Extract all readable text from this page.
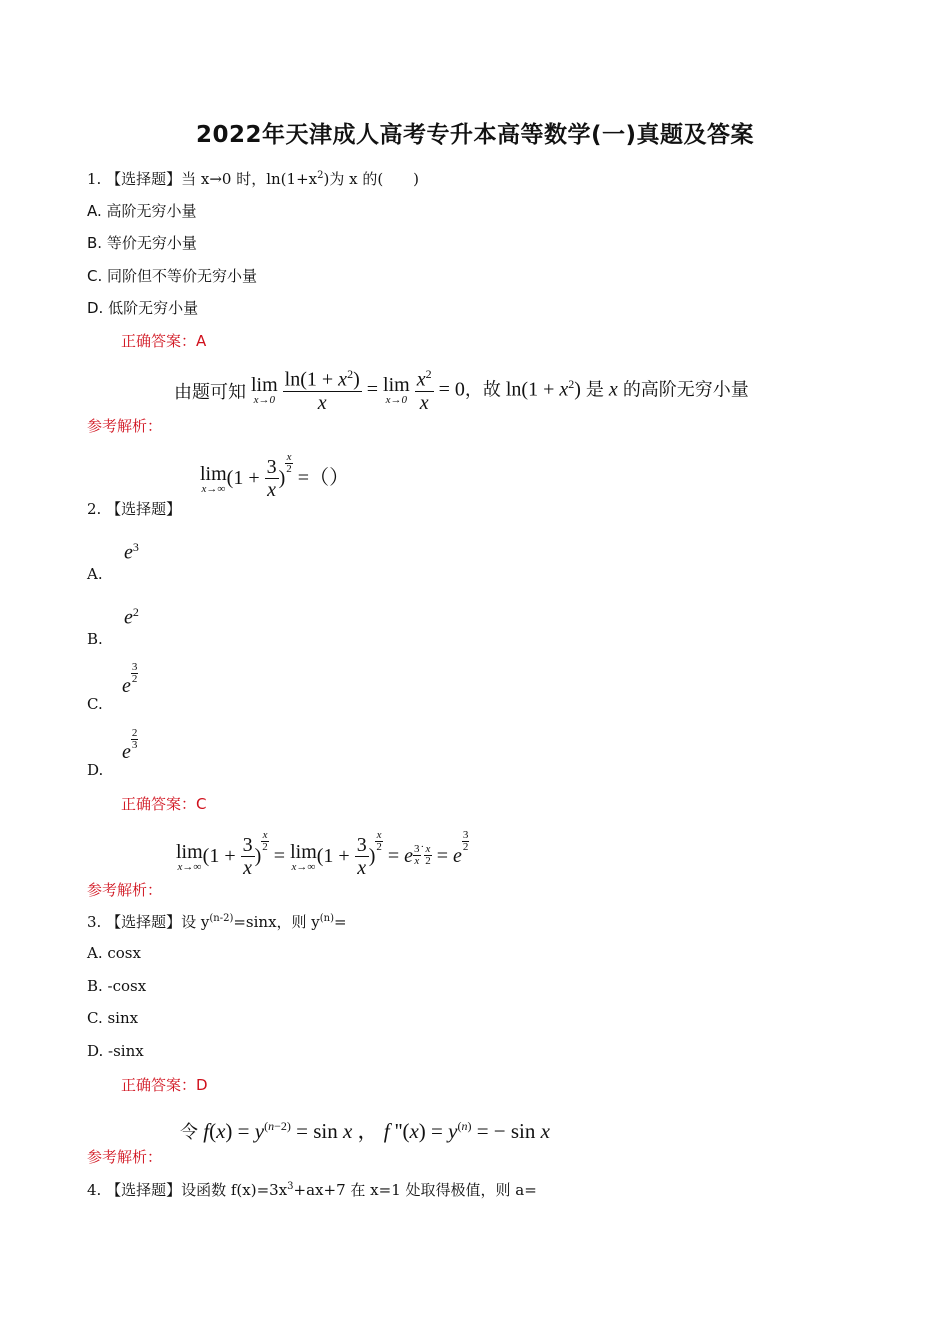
2022年天津成人高考专升本高等数学(一)真题及答案
1. 【选择题】当 x→0 时，$\ln(1+x^2)$为 x 的(　　)
A. 高阶无穷小量
B. 等价无穷小量
C. 同阶但不等价无穷小量
D. 低阶无穷小量
正确答案：A
由题可知 lim
x→0
$\frac{\ln(1 + x^2)}{x} = \lim$
x→0
$\frac{x^2}{x} = 0$，故 $\ln(1 + x^2)$ 是 x 的高阶无穷小量
参考解析：
lim
x→∞ ($1 + \frac{3}{x}$ )
$\frac{x}{2}$
=（）
2. 【选择题】
$e^3$
A.
$e^2$
B.
e
$\frac{3}{2}$
C.
e
$\frac{2}{3}$
D.
正确答案：C
lim
x→∞ ($1 + \frac{3}{x}$ )
$\frac{x}{2}$
= lim
x→∞ ($1 + \frac{3}{x}$ )
$\frac{x}{2}$
= e $\frac{3}{x} \cdot \frac{x}{2} = e$
$\frac{3}{2}$
参考解析：
3. 【选择题】设 $y^{(n-2)}=\sin x$，则 $y^{(n)}=$
A. cosx
B. -cosx
C. sinx
D. -sinx
正确答案：D
令 $f(x) = y^{(n-2)} = \sin x$ ， f ''$(x) = y^{(n)}$ = − sin x
参考解析：
4. 【选择题】设函数 $f(x)=3x^3+ax+7$ 在 x=1 处取得极值，则 a=
